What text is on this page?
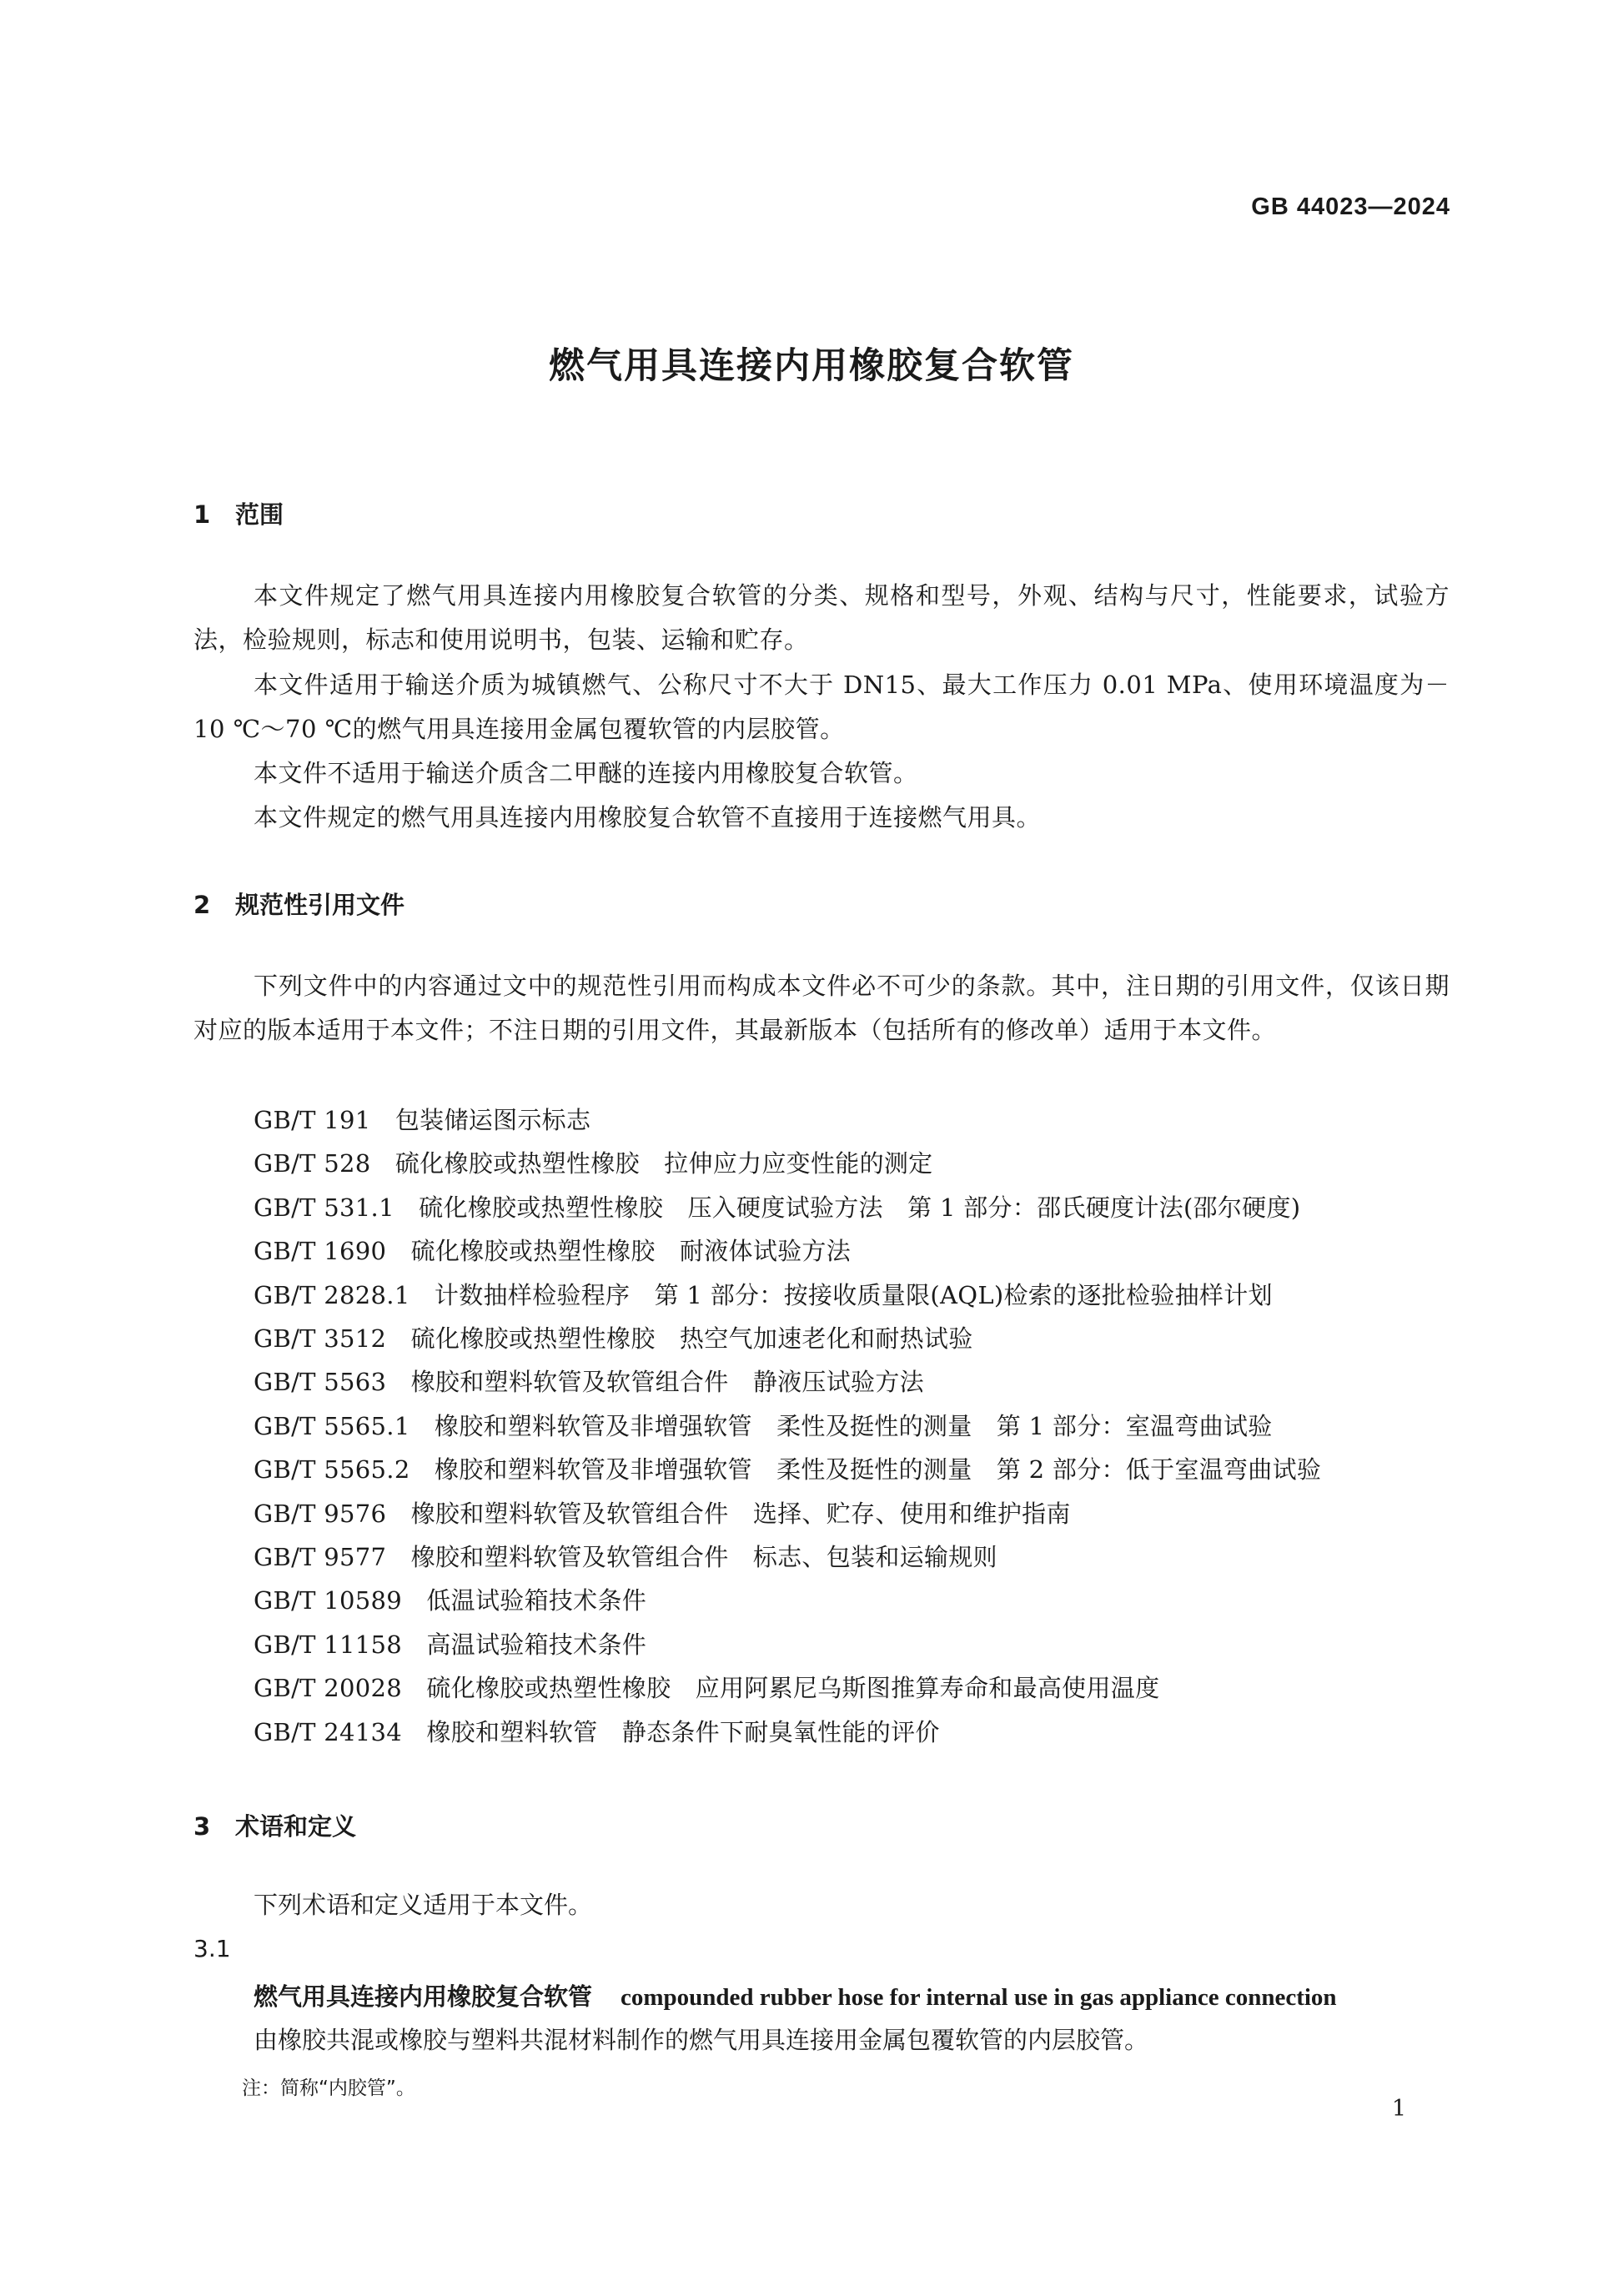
GB 44023—2024
燃气用具连接内用橡胶复合软管
1 范围
本文件规定了燃气用具连接内用橡胶复合软管的分类、规格和型号，外观、结构与尺寸，性能要求，试验方法，检验规则，标志和使用说明书，包装、运输和贮存。
本文件适用于输送介质为城镇燃气、公称尺寸不大于 DN15、最大工作压力 0.01 MPa、使用环境温度为－10 ℃～70 ℃的燃气用具连接用金属包覆软管的内层胶管。
本文件不适用于输送介质含二甲醚的连接内用橡胶复合软管。
本文件规定的燃气用具连接内用橡胶复合软管不直接用于连接燃气用具。
2 规范性引用文件
下列文件中的内容通过文中的规范性引用而构成本文件必不可少的条款。其中，注日期的引用文件，仅该日期对应的版本适用于本文件；不注日期的引用文件，其最新版本（包括所有的修改单）适用于本文件。
GB/T 191　 包装储运图示标志
GB/T 528　 硫化橡胶或热塑性橡胶　拉伸应力应变性能的测定
GB/T 531.1　 硫化橡胶或热塑性橡胶　压入硬度试验方法　第 1 部分：邵氏硬度计法(邵尔硬度)
GB/T 1690　 硫化橡胶或热塑性橡胶　耐液体试验方法
GB/T 2828.1　 计数抽样检验程序　第 1 部分：按接收质量限(AQL)检索的逐批检验抽样计划
GB/T 3512　 硫化橡胶或热塑性橡胶　热空气加速老化和耐热试验
GB/T 5563　 橡胶和塑料软管及软管组合件　静液压试验方法
GB/T 5565.1　 橡胶和塑料软管及非增强软管　柔性及挺性的测量　第 1 部分：室温弯曲试验
GB/T 5565.2　 橡胶和塑料软管及非增强软管　柔性及挺性的测量　第 2 部分：低于室温弯曲试验
GB/T 9576　 橡胶和塑料软管及软管组合件　选择、贮存、使用和维护指南
GB/T 9577　 橡胶和塑料软管及软管组合件　标志、包装和运输规则
GB/T 10589　 低温试验箱技术条件
GB/T 11158　 高温试验箱技术条件
GB/T 20028　 硫化橡胶或热塑性橡胶　应用阿累尼乌斯图推算寿命和最高使用温度
GB/T 24134　 橡胶和塑料软管　静态条件下耐臭氧性能的评价
3 术语和定义
下列术语和定义适用于本文件。
3.1
燃气用具连接内用橡胶复合软管 compounded rubber hose for internal use in gas appliance connection
由橡胶共混或橡胶与塑料共混材料制作的燃气用具连接用金属包覆软管的内层胶管。
注：简称“内胶管”。
1
